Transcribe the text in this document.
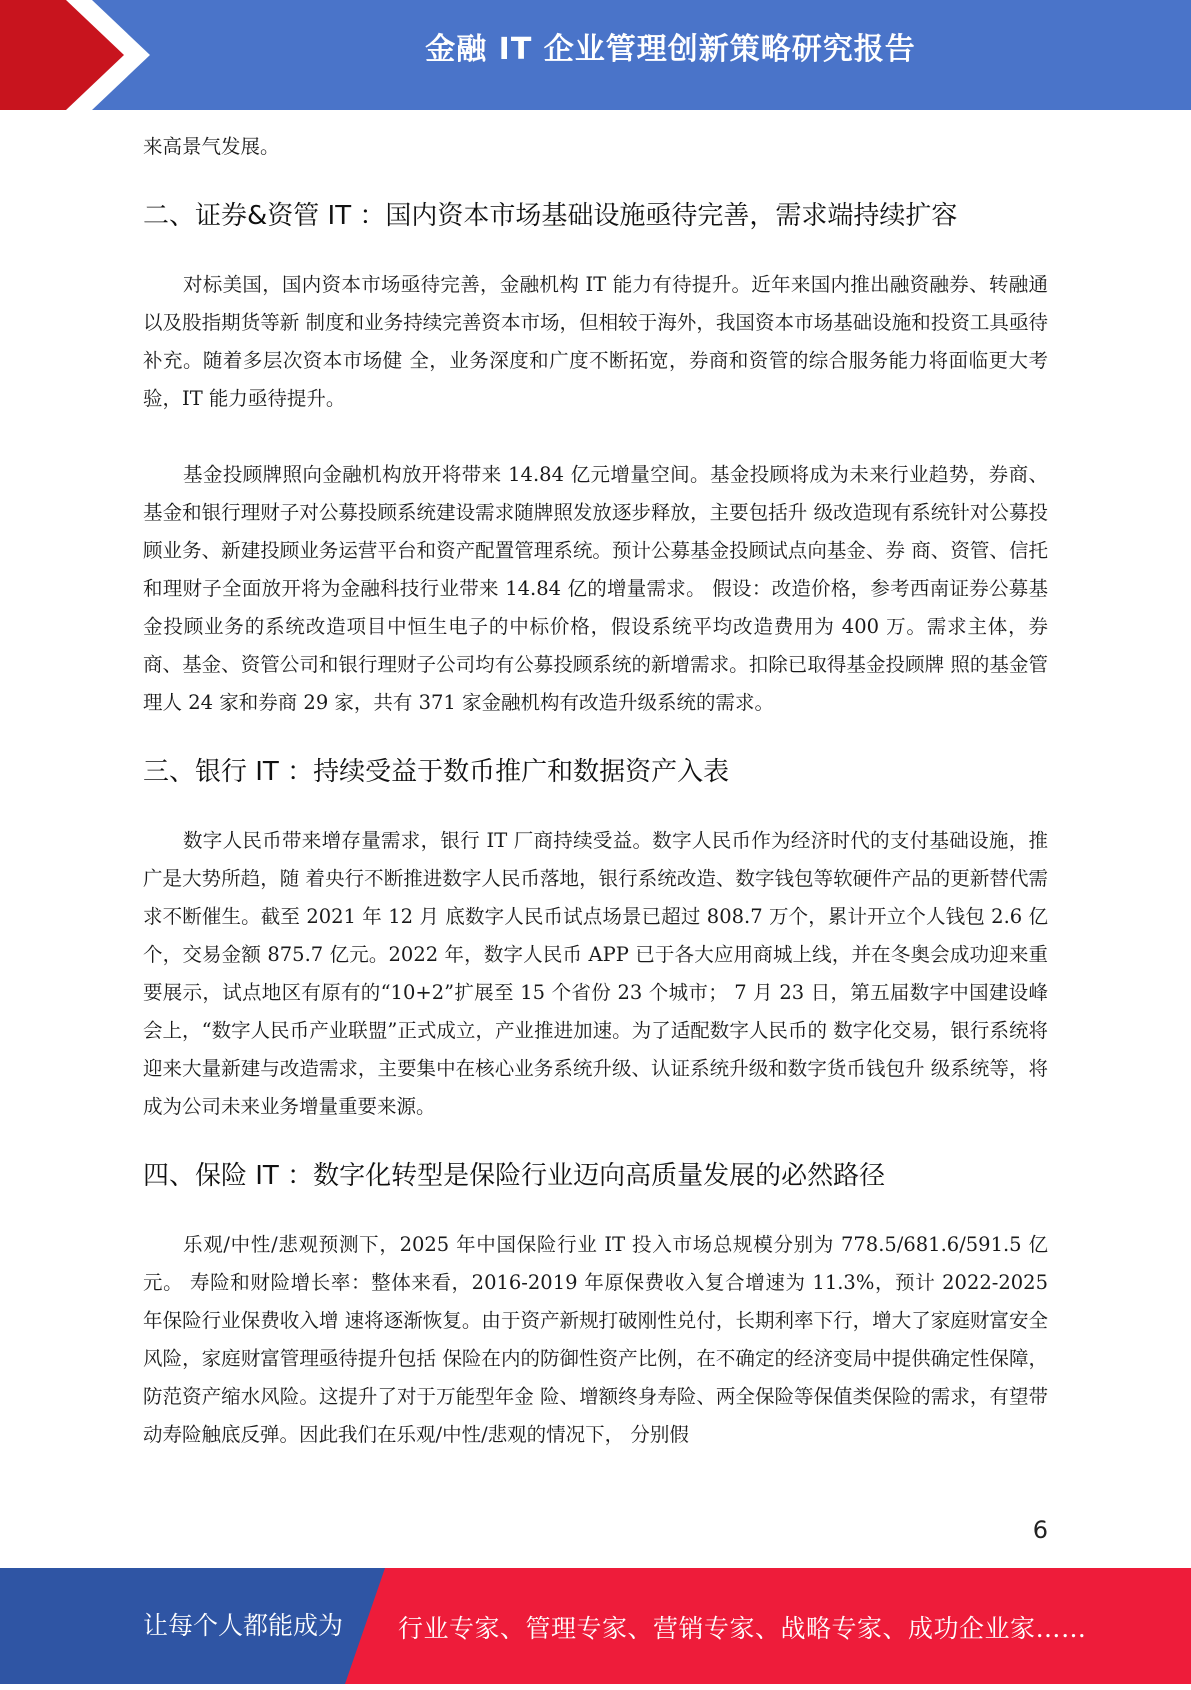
金融 IT 企业管理创新策略研究报告

来高景气发展。

二、证券&资管 IT ：国内资本市场基础设施亟待完善，需求端持续扩容

对标美国，国内资本市场亟待完善，金融机构 IT 能力有待提升。近年来国内推出融资融券、转融通以及股指期货等新 制度和业务持续完善资本市场，但相较于海外，我国资本市场基础设施和投资工具亟待补充。随着多层次资本市场健 全，业务深度和广度不断拓宽，券商和资管的综合服务能力将面临更大考验，IT 能力亟待提升。

基金投顾牌照向金融机构放开将带来 14.84 亿元增量空间。基金投顾将成为未来行业趋势，券商、基金和银行理财子对公募投顾系统建设需求随牌照发放逐步释放，主要包括升 级改造现有系统针对公募投顾业务、新建投顾业务运营平台和资产配置管理系统。预计公募基金投顾试点向基金、券 商、资管、信托和理财子全面放开将为金融科技行业带来 14.84 亿的增量需求。 假设：改造价格，参考西南证券公募基金投顾业务的系统改造项目中恒生电子的中标价格，假设系统平均改造费用为 400 万。需求主体，券商、基金、资管公司和银行理财子公司均有公募投顾系统的新增需求。扣除已取得基金投顾牌 照的基金管理人 24 家和券商 29 家，共有 371 家金融机构有改造升级系统的需求。

三、银行 IT ：持续受益于数币推广和数据资产入表

数字人民币带来增存量需求，银行 IT 厂商持续受益。数字人民币作为经济时代的支付基础设施，推广是大势所趋，随 着央行不断推进数字人民币落地，银行系统改造、数字钱包等软硬件产品的更新替代需求不断催生。截至 2021 年 12 月 底数字人民币试点场景已超过 808.7 万个，累计开立个人钱包 2.6 亿个，交易金额 875.7 亿元。2022 年，数字人民币 APP 已于各大应用商城上线，并在冬奥会成功迎来重要展示，试点地区有原有的“10+2”扩展至 15 个省份 23 个城市； 7 月 23 日，第五届数字中国建设峰会上，“数字人民币产业联盟”正式成立，产业推进加速。为了适配数字人民币的 数字化交易，银行系统将迎来大量新建与改造需求，主要集中在核心业务系统升级、认证系统升级和数字货币钱包升 级系统等，将成为公司未来业务增量重要来源。

四、保险 IT ：数字化转型是保险行业迈向高质量发展的必然路径

乐观/中性/悲观预测下，2025 年中国保险行业 IT 投入市场总规模分别为 778.5/681.6/591.5 亿元。 寿险和财险增长率：整体来看，2016-2019 年原保费收入复合增速为 11.3%，预计 2022-2025 年保险行业保费收入增 速将逐渐恢复。由于资产新规打破刚性兑付，长期利率下行，增大了家庭财富安全风险，家庭财富管理亟待提升包括 保险在内的防御性资产比例，在不确定的经济变局中提供确定性保障，防范资产缩水风险。这提升了对于万能型年金 险、增额终身寿险、两全保险等保值类保险的需求，有望带动寿险触底反弹。因此我们在乐观/中性/悲观的情况下， 分别假

6
让每个人都能成为 行业专家、管理专家、营销专家、战略专家、成功企业家……
